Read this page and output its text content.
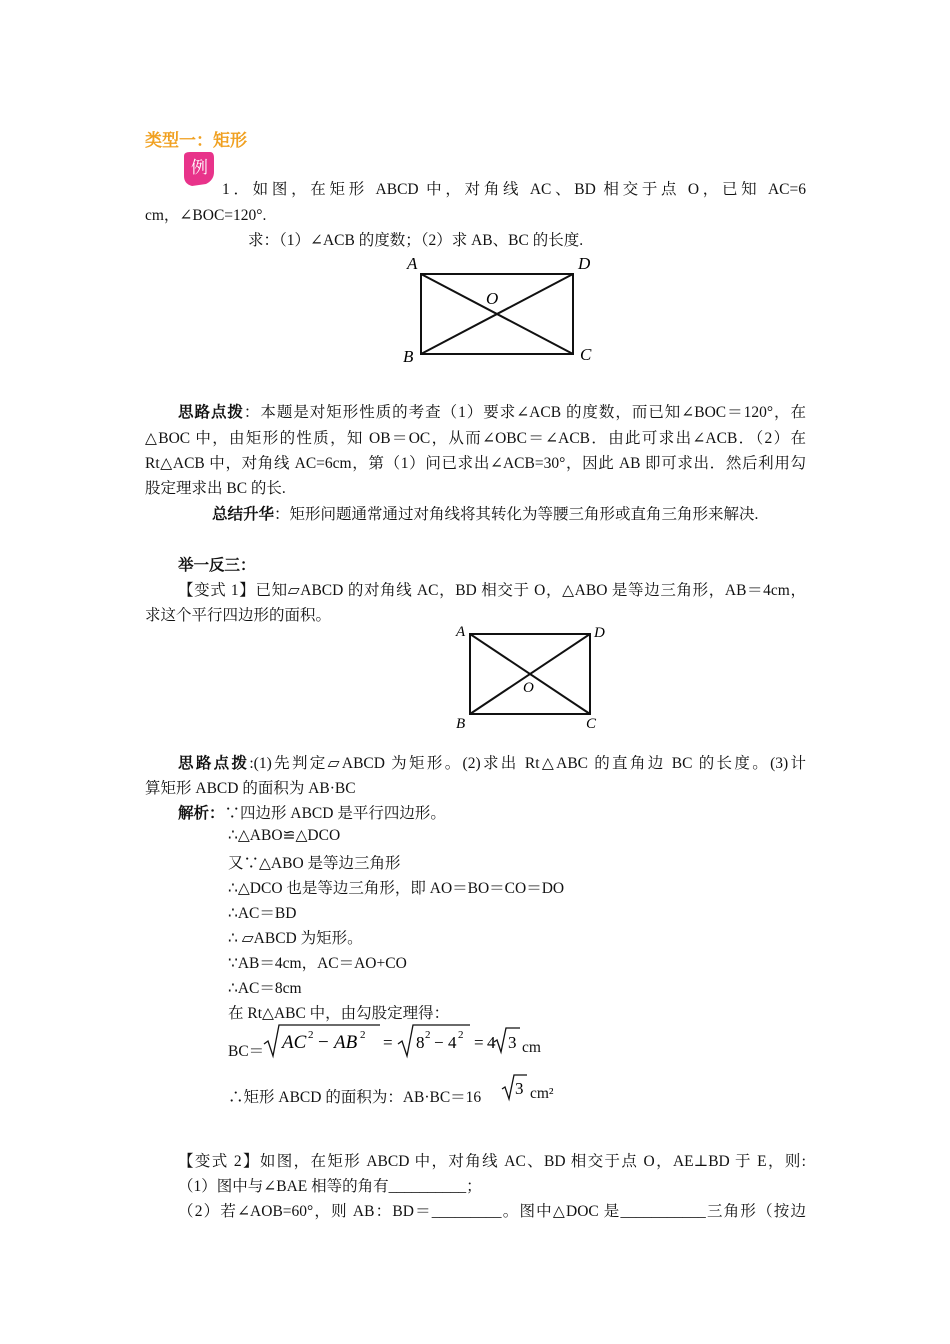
类型一：矩形
例
1．如图，在矩形 ABCD 中，对角线 AC、BD 相交于点 O，已知 AC=6
cm，∠BOC=120°.
求：（1）∠ACB 的度数；（2）求 AB、BC 的长度.
A	D
B	C
O
思路点拨：本题是对矩形性质的考查（1）要求∠ACB 的度数，而已知∠BOC＝120°，在
△BOC 中，由矩形的性质，知 OB＝OC，从而∠OBC＝∠ACB．由此可求出∠ACB．（2）在
Rt△ACB 中，对角线 AC=6cm，第（1）问已求出∠ACB=30°，因此 AB 即可求出．然后利用勾
股定理求出 BC 的长.
总结升华：矩形问题通常通过对角线将其转化为等腰三角形或直角三角形来解决.
举一反三：
【变式 1】已知▱ABCD 的对角线 AC，BD 相交于 O，△ABO 是等边三角形，AB＝4cm，
求这个平行四边形的面积。
A	D
B	C
O
思路点拨:(1)先判定▱ABCD 为矩形。(2)求出 Rt△ABC 的直角边 BC 的长度。(3)计
算矩形 ABCD 的面积为 AB·BC
解析：∵四边形 ABCD 是平行四边形。
∴△ABO≌△DCO
又∵△ABO 是等边三角形
∴△DCO 也是等边三角形，即 AO＝BO＝CO＝DO
∴AC＝BD
∴ ▱ABCD 为矩形。
∵AB＝4cm，AC＝AO+CO
∴AC＝8cm
在 Rt△ABC 中，由勾股定理得：
BC＝ AC 2 − AB 2 = 8 2 − 4 2 = 4 3 cm
∴矩形 ABCD 的面积为：AB·BC＝16 3 cm²
【变式 2】如图，在矩形 ABCD 中，对角线 AC、BD 相交于点 O，AE⊥BD 于 E，则:
（1）图中与∠BAE 相等的角有__________；
（2）若∠AOB=60°，则 AB：BD＝_________。图中△DOC 是___________三角形（按边
